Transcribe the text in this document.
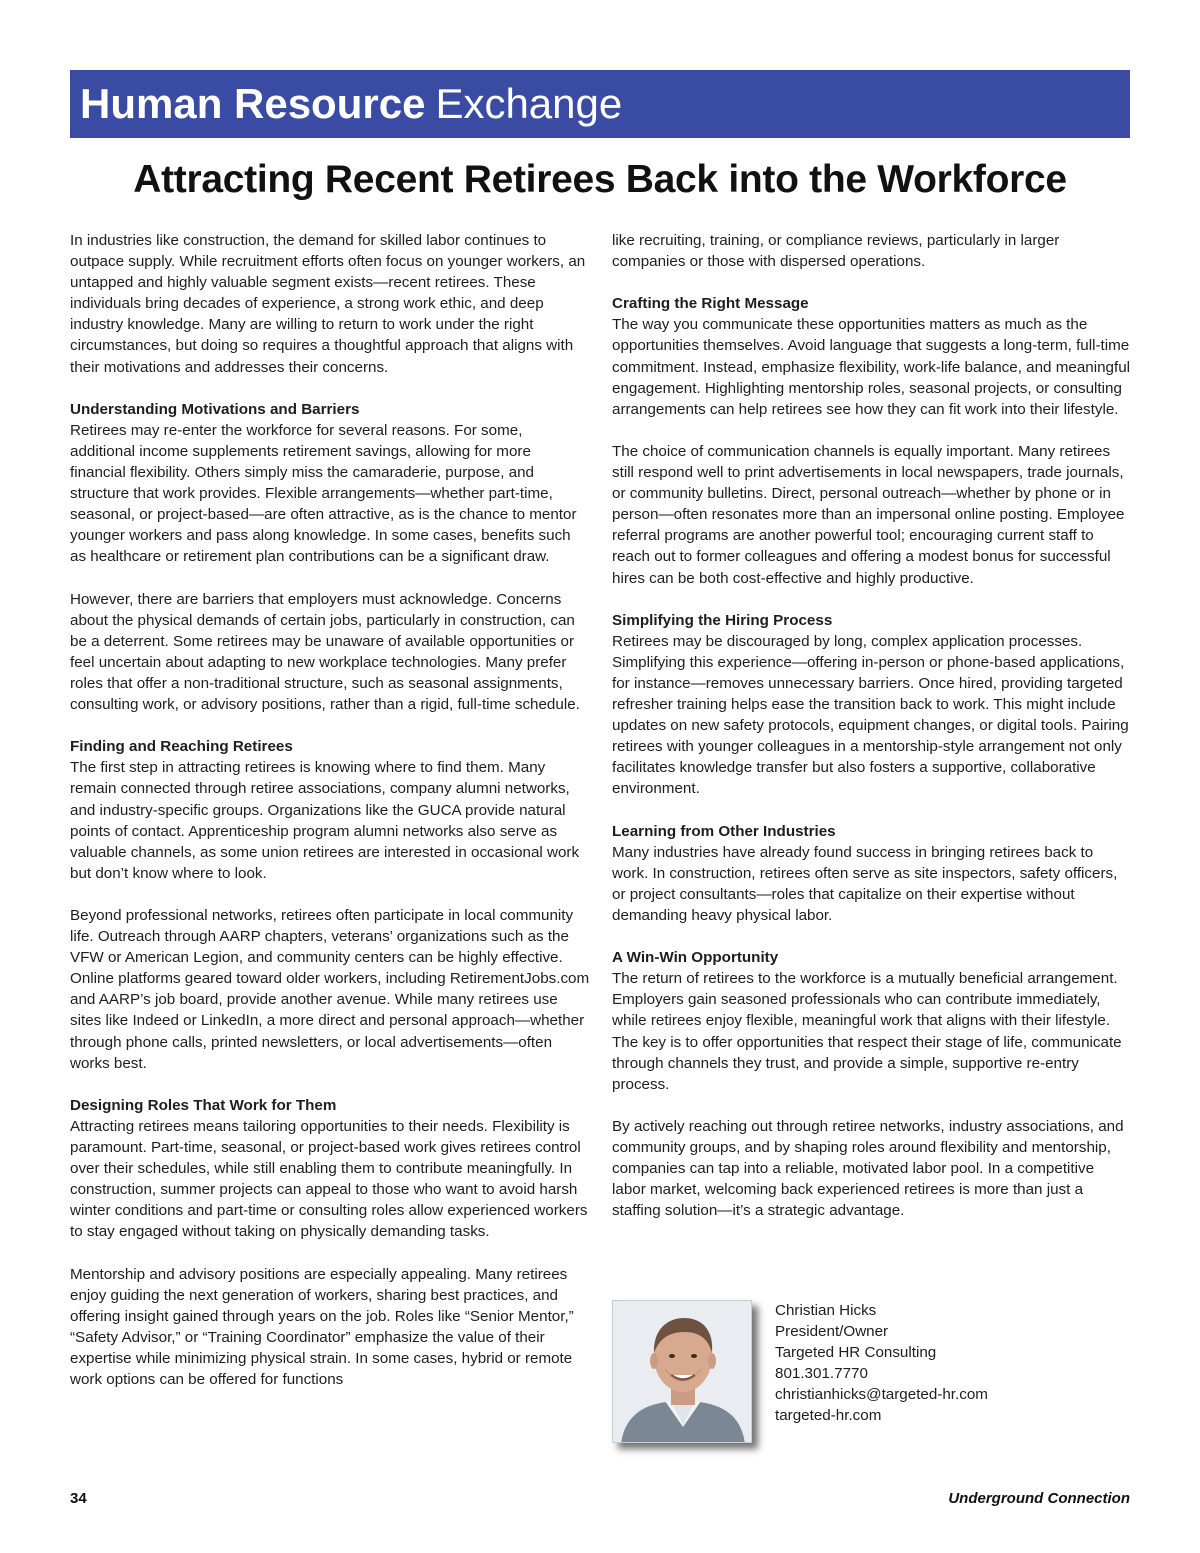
Human Resource Exchange
Attracting Recent Retirees Back into the Workforce

In industries like construction, the demand for skilled labor continues to outpace supply. While recruitment efforts often focus on younger workers, an untapped and highly valuable segment exists—recent retirees. These individuals bring decades of experience, a strong work ethic, and deep industry knowledge. Many are willing to return to work under the right circumstances, but doing so requires a thoughtful approach that aligns with their motivations and addresses their concerns.

Understanding Motivations and Barriers

Retirees may re-enter the workforce for several reasons. For some, additional income supplements retirement savings, allowing for more financial flexibility. Others simply miss the camaraderie, purpose, and structure that work provides. Flexible arrangements—whether part-time, seasonal, or project-based—are often attractive, as is the chance to mentor younger workers and pass along knowledge. In some cases, benefits such as healthcare or retirement plan contributions can be a significant draw.

However, there are barriers that employers must acknowledge. Concerns about the physical demands of certain jobs, particularly in construction, can be a deterrent. Some retirees may be unaware of available opportunities or feel uncertain about adapting to new workplace technologies. Many prefer roles that offer a non-traditional structure, such as seasonal assignments, consulting work, or advisory positions, rather than a rigid, full-time schedule.

Finding and Reaching Retirees

The first step in attracting retirees is knowing where to find them. Many remain connected through retiree associations, company alumni networks, and industry-specific groups. Organizations like the GUCA provide natural points of contact. Apprenticeship program alumni networks also serve as valuable channels, as some union retirees are interested in occasional work but don’t know where to look.

Beyond professional networks, retirees often participate in local community life. Outreach through AARP chapters, veterans’ organizations such as the VFW or American Legion, and community centers can be highly effective. Online platforms geared toward older workers, including RetirementJobs.com and AARP’s job board, provide another avenue. While many retirees use sites like Indeed or LinkedIn, a more direct and personal approach—whether through phone calls, printed newsletters, or local advertisements—often works best.

Designing Roles That Work for Them

Attracting retirees means tailoring opportunities to their needs. Flexibility is paramount. Part-time, seasonal, or project-based work gives retirees control over their schedules, while still enabling them to contribute meaningfully. In construction, summer projects can appeal to those who want to avoid harsh winter conditions and part-time or consulting roles allow experienced workers to stay engaged without taking on physically demanding tasks.

Mentorship and advisory positions are especially appealing. Many retirees enjoy guiding the next generation of workers, sharing best practices, and offering insight gained through years on the job. Roles like “Senior Mentor,” “Safety Advisor,” or “Training Coordinator” emphasize the value of their expertise while minimizing physical strain. In some cases, hybrid or remote work options can be offered for functions

like recruiting, training, or compliance reviews, particularly in larger companies or those with dispersed operations.

Crafting the Right Message

The way you communicate these opportunities matters as much as the opportunities themselves. Avoid language that suggests a long-term, full-time commitment. Instead, emphasize flexibility, work-life balance, and meaningful engagement. Highlighting mentorship roles, seasonal projects, or consulting arrangements can help retirees see how they can fit work into their lifestyle.

The choice of communication channels is equally important. Many retirees still respond well to print advertisements in local newspapers, trade journals, or community bulletins. Direct, personal outreach—whether by phone or in person—often resonates more than an impersonal online posting. Employee referral programs are another powerful tool; encouraging current staff to reach out to former colleagues and offering a modest bonus for successful hires can be both cost-effective and highly productive.

Simplifying the Hiring Process

Retirees may be discouraged by long, complex application processes. Simplifying this experience—offering in-person or phone-based applications, for instance—removes unnecessary barriers. Once hired, providing targeted refresher training helps ease the transition back to work. This might include updates on new safety protocols, equipment changes, or digital tools. Pairing retirees with younger colleagues in a mentorship-style arrangement not only facilitates knowledge transfer but also fosters a supportive, collaborative environment.

Learning from Other Industries

Many industries have already found success in bringing retirees back to work. In construction, retirees often serve as site inspectors, safety officers, or project consultants—roles that capitalize on their expertise without demanding heavy physical labor.

A Win-Win Opportunity

The return of retirees to the workforce is a mutually beneficial arrangement. Employers gain seasoned professionals who can contribute immediately, while retirees enjoy flexible, meaningful work that aligns with their lifestyle. The key is to offer opportunities that respect their stage of life, communicate through channels they trust, and provide a simple, supportive re-entry process.

By actively reaching out through retiree networks, industry associations, and community groups, and by shaping roles around flexibility and mentorship, companies can tap into a reliable, motivated labor pool. In a competitive labor market, welcoming back experienced retirees is more than just a staffing solution—it’s a strategic advantage.

Christian Hicks
President/Owner
Targeted HR Consulting
801.301.7770
christianhicks@targeted-hr.com
targeted-hr.com
34	Underground Connection
